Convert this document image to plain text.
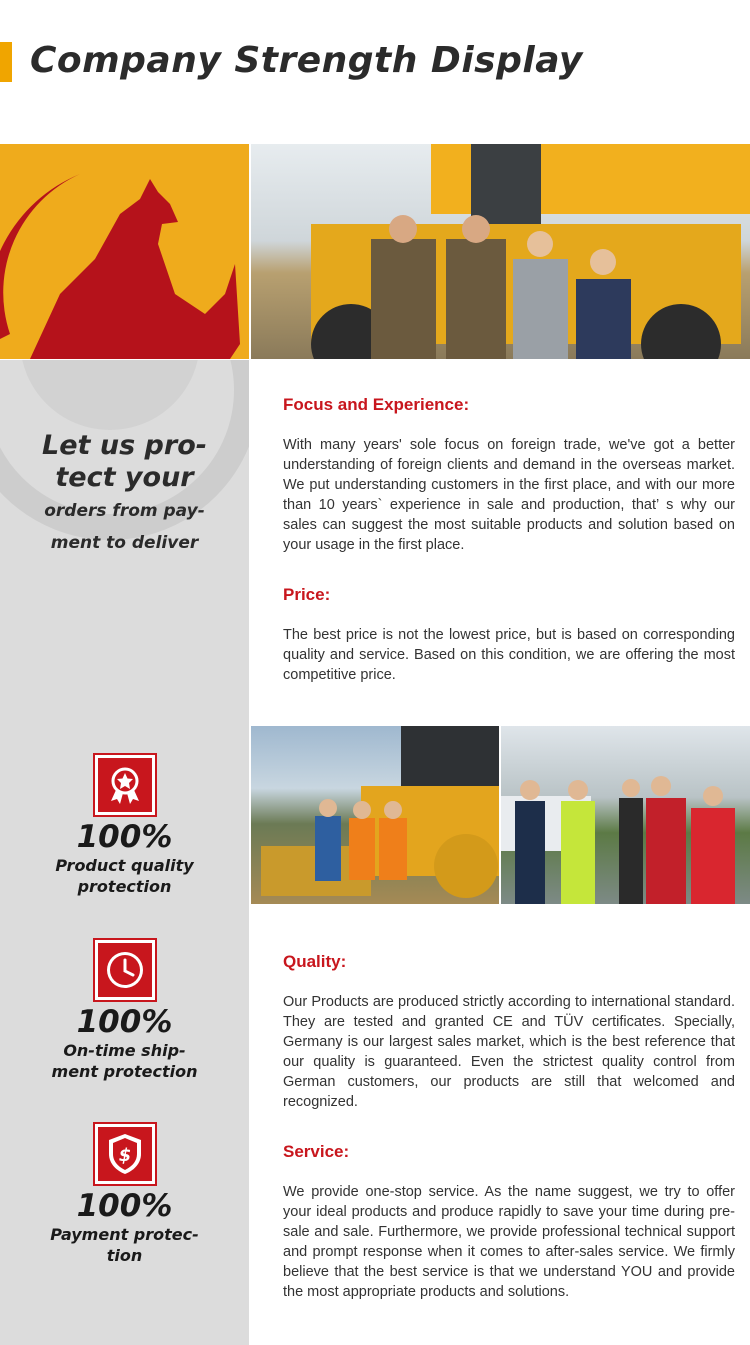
Company Strength Display
Let us pro-
tect your
orders from pay-
ment to deliver
100%
Product quality
protection
100%
On-time ship-
ment protection
$
100%
Payment protec-
tion
Focus and Experience:

With many years' sole focus on foreign trade, we've got a better understanding of foreign clients and demand in the overseas market. We put understanding customers in the first place, and with our more than 10 years` experience in sale and production, that’ s why our sales can suggest the most suitable products and solution based on your usage in the first place.

Price:

The best price is not the lowest price, but is based on corresponding quality and service. Based on this condition, we are offering the most competitive price.

Quality:

Our Products are produced strictly according to international standard. They are tested and granted CE and TÜV certificates. Specially, Germany is our largest sales market, which is the best reference that our quality is guaranteed. Even the strictest quality control from German customers, our products are still that welcomed and recognized.

Service:

We provide one-stop service. As the name suggest, we try to offer your ideal products and produce rapidly to save your time during pre-sale and sale. Furthermore, we provide professional technical support and prompt response when it comes to after-sales service. We firmly believe that the best service is that we understand YOU and provide the most appropriate products and solutions.
